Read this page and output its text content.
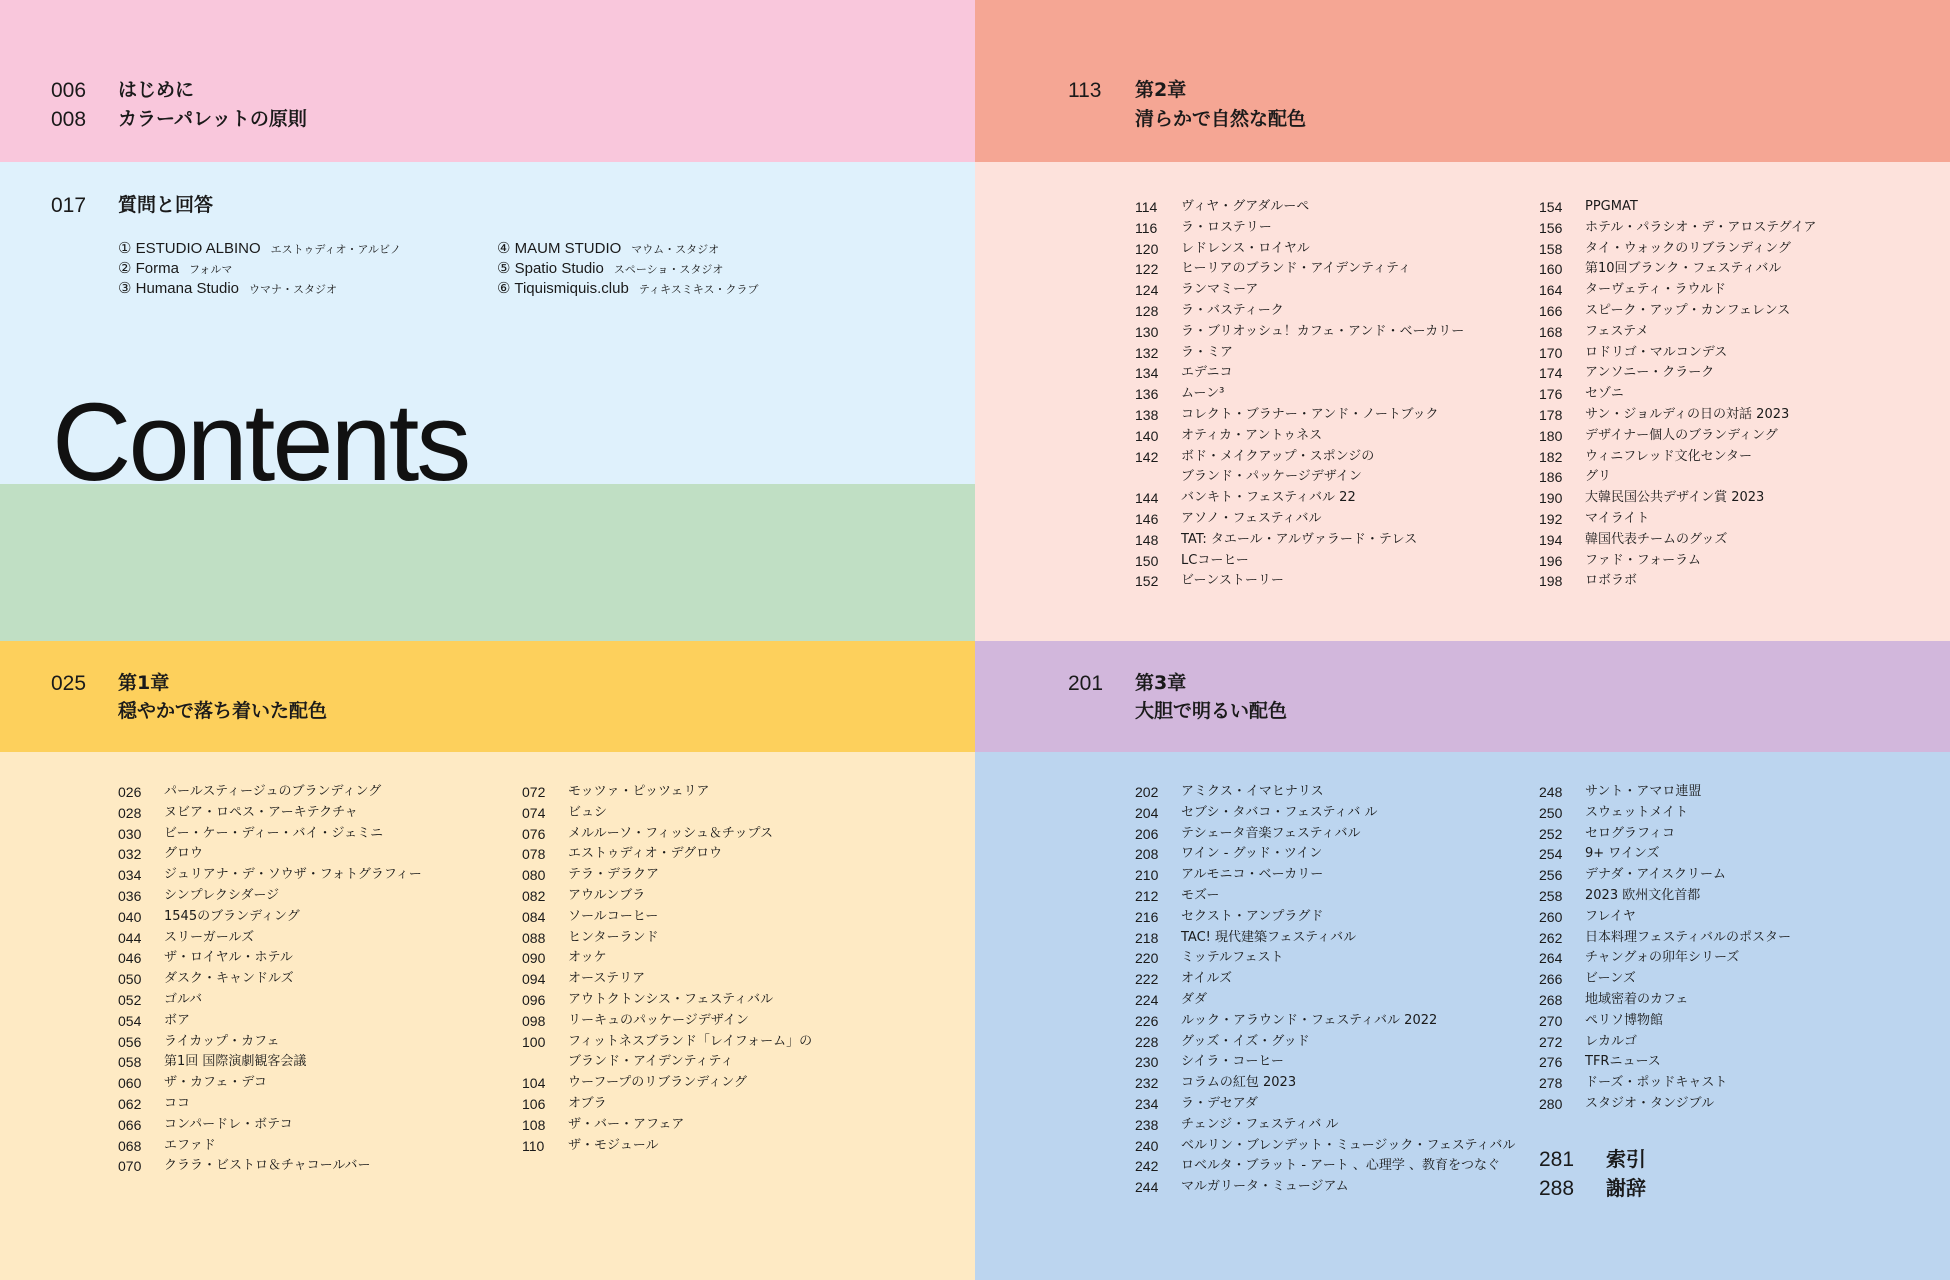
006 はじめに
008 カラーパレットの原則
017 質問と回答
① ESTUDIO ALBINO エストゥディオ・アルビノ
② Forma フォルマ
③ Humana Studio ウマナ・スタジオ
④ MAUM STUDIO マウム・スタジオ
⑤ Spatio Studio スペーショ・スタジオ
⑥ Tiquismiquis.club ティキスミキス・クラブ
Contents
025 第1章
穏やかで落ち着いた配色
113 第2章
清らかで自然な配色
201 第3章
大胆で明るい配色
026 パールスティージュのブランディング
028 ヌビア・ロペス・アーキテクチャ
030 ビー・ケー・ディー・バイ・ジェミニ
032 グロウ
034 ジュリアナ・デ・ソウザ・フォトグラフィー
036 シンプレクシダージ
040 1545のブランディング
044 スリーガールズ
046 ザ・ロイヤル・ホテル
050 ダスク・キャンドルズ
052 ゴルバ
054 ボア
056 ライカップ・カフェ
058 第1回 国際演劇観客会議
060 ザ・カフェ・デコ
062 ココ
066 コンパードレ・ボテコ
068 エファド
070 クララ・ビストロ＆チャコールバー
072 モッツァ・ピッツェリア
074 ビュシ
076 メルルーソ・フィッシュ＆チップス
078 エストゥディオ・デグロウ
080 テラ・デラクア
082 アウルンブラ
084 ソールコーヒー
088 ヒンターランド
090 オッケ
094 オーステリア
096 アウトクトンシス・フェスティバル
098 リーキュのパッケージデザイン
100 フィットネスブランド「レイフォーム」の
ブランド・アイデンティティ
104 ウーフープのリブランディング
106 オブラ
108 ザ・バー・アフェア
110 ザ・モジュール
114 ヴィヤ・グアダルーペ
116 ラ・ロステリー
120 レドレンス・ロイヤル
122 ヒーリアのブランド・アイデンティティ
124 ランマミーア
128 ラ・バスティーク
130 ラ・ブリオッシュ！カフェ・アンド・ベーカリー
132 ラ・ミア
134 エデニコ
136 ムーン³
138 コレクト・ブラナー・アンド・ノートブック
140 オティカ・アントゥネス
142 ボド・メイクアップ・スポンジの
ブランド・パッケージデザイン
144 バンキト・フェスティバル 22
146 アソノ・フェスティバル
148 TAT: タエール・アルヴァラード・テレス
150 LCコーヒー
152 ビーンストーリー
154 PPGMAT
156 ホテル・パラシオ・デ・アロステグイア
158 タイ・ウォックのリブランディング
160 第10回ブランク・フェスティバル
164 ターヴェティ・ラウルド
166 スピーク・アップ・カンフェレンス
168 フェステメ
170 ロドリゴ・マルコンデス
174 アンソニー・クラーク
176 セゾニ
178 サン・ジョルディの日の対話 2023
180 デザイナー個人のブランディング
182 ウィニフレッド文化センター
186 グリ
190 大韓民国公共デザイン賞 2023
192 マイライト
194 韓国代表チームのグッズ
196 ファド・フォーラム
198 ロボラボ
202 アミクス・イマヒナリス
204 セブシ・タバコ・フェスティバ ル
206 テシェータ音楽フェスティバル
208 ワイン - グッド・ツイン
210 アルモニコ・ベーカリー
212 モズー
216 セクスト・アンプラグド
218 TAC! 現代建築フェスティバル
220 ミッテルフェスト
222 オイルズ
224 ダダ
226 ルック・アラウンド・フェスティバル 2022
228 グッズ・イズ・グッド
230 シイラ・コーヒー
232 コラムの紅包 2023
234 ラ・デセアダ
238 チェンジ・フェスティバ ル
240 ベルリン・ブレンデット・ミュージック・フェスティバル
242 ロベルタ・ブラット - アート 、心理学 、教育をつなぐ
244 マルガリータ・ミュージアム
248 サント・アマロ連盟
250 スウェットメイト
252 セログラフィコ
254 9+ ワインズ
256 デナダ・アイスクリーム
258 2023 欧州文化首都
260 フレイヤ
262 日本料理フェスティバルのポスター
264 チャングォの卯年シリーズ
266 ビーンズ
268 地域密着のカフェ
270 ペリソ博物館
272 レカルゴ
276 TFRニュース
278 ドーズ・ポッドキャスト
280 スタジオ・タンジブル
281 索引
288 謝辞
